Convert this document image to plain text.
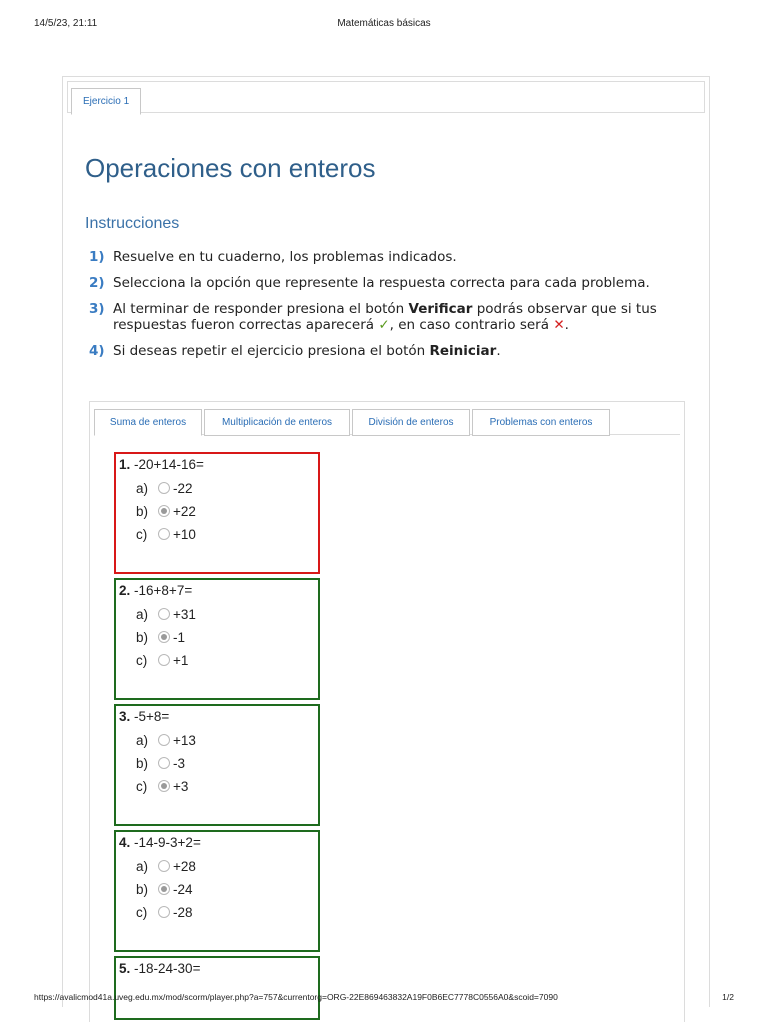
14/5/23, 21:11	Matemáticas básicas
Ejercicio 1
Operaciones con enteros
Instrucciones
1) Resuelve en tu cuaderno, los problemas indicados.
2) Selecciona la opción que represente la respuesta correcta para cada problema.
3) Al terminar de responder presiona el botón Verificar podrás observar que si tus respuestas fueron correctas aparecerá ✓, en caso contrario será ✕.
4) Si deseas repetir el ejercicio presiona el botón Reiniciar.
Suma de enteros	Multiplicación de enteros	División de enteros	Problemas con enteros
1. -20+14-16=
a) -22
b) +22
c) +10
2. -16+8+7=
a) +31
b) -1
c) +1
3. -5+8=
a) +13
b) -3
c) +3
4. -14-9-3+2=
a) +28
b) -24
c) -28
5. -18-24-30=
https://avalicmod41a.uveg.edu.mx/mod/scorm/player.php?a=757&currentorg=ORG-22E869463832A19F0B6EC7778C0556A0&scoid=7090	1/2
